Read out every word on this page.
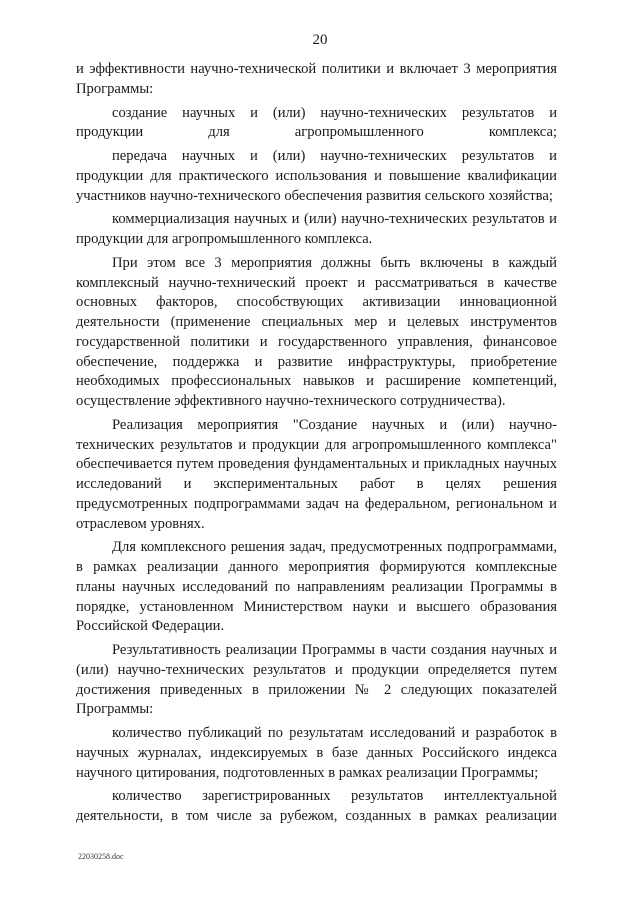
20

и эффективности научно-технической политики и включает 3 мероприятия Программы:

создание научных и (или) научно-технических результатов и продукции для агропромышленного комплекса;

передача научных и (или) научно-технических результатов и продукции для практического использования и повышение квалификации участников научно-технического обеспечения развития сельского хозяйства;

коммерциализация научных и (или) научно-технических результатов и продукции для агропромышленного комплекса.

При этом все 3 мероприятия должны быть включены в каждый комплексный научно-технический проект и рассматриваться в качестве основных факторов, способствующих активизации инновационной деятельности (применение специальных мер и целевых инструментов государственной политики и государственного управления, финансовое обеспечение, поддержка и развитие инфраструктуры, приобретение необходимых профессиональных навыков и расширение компетенций, осуществление эффективного научно-технического сотрудничества).

Реализация мероприятия "Создание научных и (или) научно-технических результатов и продукции для агропромышленного комплекса" обеспечивается путем проведения фундаментальных и прикладных научных исследований и экспериментальных работ в целях решения предусмотренных подпрограммами задач на федеральном, региональном и отраслевом уровнях.

Для комплексного решения задач, предусмотренных подпрограммами, в рамках реализации данного мероприятия формируются комплексные планы научных исследований по направлениям реализации Программы в порядке, установленном Министерством науки и высшего образования Российской Федерации.

Результативность реализации Программы в части создания научных и (или) научно-технических результатов и продукции определяется путем достижения приведенных в приложении № 2 следующих показателей Программы:

количество публикаций по результатам исследований и разработок в научных журналах, индексируемых в базе данных Российского индекса научного цитирования, подготовленных в рамках реализации Программы;

количество зарегистрированных результатов интеллектуальной деятельности, в том числе за рубежом, созданных в рамках реализации

22030258.doc
